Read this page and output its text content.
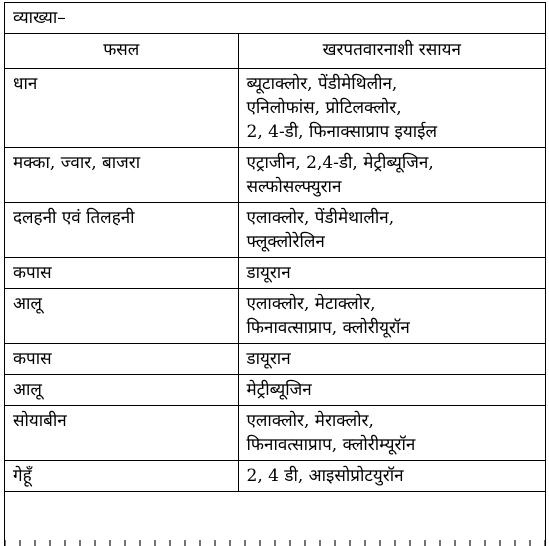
व्याख्या–
फसल	खरपतवारनाशी रसायन
धान	ब्यूटाक्लोर, पेंडीमेथिलीन,
एनिलोफांस, प्रोटिलक्लोर,
2, 4-डी, फिनाक्साप्राप इयाईल

मक्का, ज्वार, बाजरा	एट्राजीन, 2,4-डी, मेट्रीब्यूजिन,
सल्फोसल्फ्युरान

दलहनी एवं तिलहनी	एलाक्लोर, पेंडीमेथालीन,
फ्लूक्लोरेलिन

कपास	डायूरान

आलू	एलाक्लोर, मेटाक्लोर,
फिनावत्साप्राप, क्लोरीयूरॉन

कपास	डायूरान

आलू	मेट्रीब्यूजिन

सोयाबीन	एलाक्लोर, मेराक्लोर,
फिनावत्साप्राप, क्लोरीम्यूरॉन

गेहूँ	2, 4 डी, आइसोप्रोटयुरॉन
